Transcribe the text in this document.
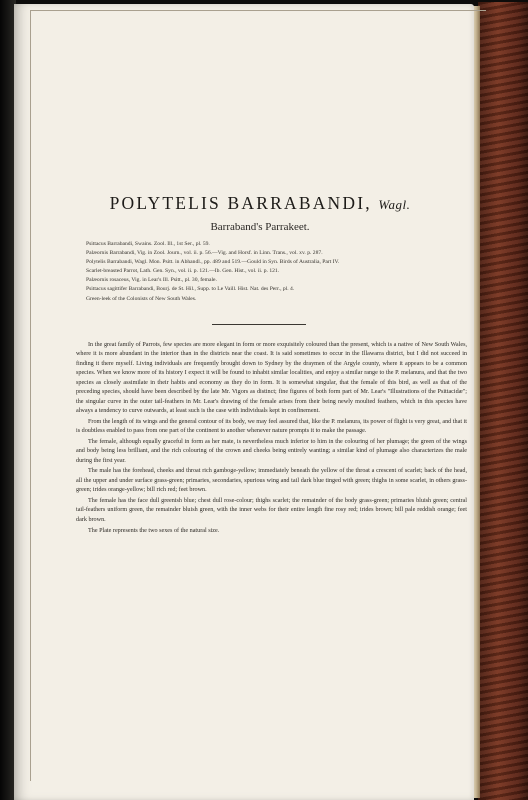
POLYTELIS BARRABANDI, Wagl.
Barraband's Parrakeet.
Psittacus Barrabandi, Swains. Zool. Ill., 1st Ser., pl. 59.
Palæornis Barrabandi, Vig. in Zool. Journ., vol. ii. p. 56.—Vig. and Horsf. in Linn. Trans., vol. xv. p. 287.
Polytelis Barrabandi, Wagl. Mon. Psitt. in Abhandl., pp. 489 and 519.—Gould in Syn. Birds of Australia, Part IV.
Scarlet-breasted Parrot, Lath. Gen. Syn., vol. ii. p. 121.—Ib. Gen. Hist., vol. ii. p. 121.
Palæornis rosaceus, Vig. in Lear's Ill. Psitt., pl. 30, female.
Psittacus sagittifer Barrabandi, Bourj. de St. Hil., Supp. to Le Vaill. Hist. Nat. des Perr., pl. 4.
Green-leek of the Colonists of New South Wales.

In the great family of Parrots, few species are more elegant in form or more exquisitely coloured than the present, which is a native of New South Wales, where it is more abundant in the interior than in the districts near the coast. It is said sometimes to occur in the Illawarra district, but I did not succeed in finding it there myself. Living individuals are frequently brought down to Sydney by the draymen of the Argyle county, where it appears to be a common species. When we know more of its history I expect it will be found to inhabit similar localities, and enjoy a similar range to the P. melanura, and that the two species as closely assimilate in their habits and economy as they do in form. It is somewhat singular, that the female of this bird, as well as that of the preceding species, should have been described by the late Mr. Vigors as distinct; fine figures of both form part of Mr. Lear's "Illustrations of the Psittacidæ"; the singular curve in the outer tail-feathers in Mr. Lear's drawing of the female arises from their being newly moulted feathers, which in this species have always a tendency to curve outwards, at least such is the case with individuals kept in confinement.

From the length of its wings and the general contour of its body, we may feel assured that, like the P. melanura, its power of flight is very great, and that it is doubtless enabled to pass from one part of the continent to another whenever nature prompts it to make the passage.

The female, although equally graceful in form as her mate, is nevertheless much inferior to him in the colouring of her plumage; the green of the wings and body being less brilliant, and the rich colouring of the crown and cheeks being entirely wanting; a similar kind of plumage also characterizes the male during the first year.

The male has the forehead, cheeks and throat rich gamboge-yellow; immediately beneath the yellow of the throat a crescent of scarlet; back of the head, all the upper and under surface grass-green; primaries, secondaries, spurious wing and tail dark blue tinged with green; thighs in some scarlet, in others grass-green; irides orange-yellow; bill rich red; feet brown.

The female has the face dull greenish blue; chest dull rose-colour; thighs scarlet; the remainder of the body grass-green; primaries bluish green; central tail-feathers uniform green, the remainder bluish green, with the inner webs for their entire length fine rosy red; irides brown; bill pale reddish orange; feet dark brown.

The Plate represents the two sexes of the natural size.
